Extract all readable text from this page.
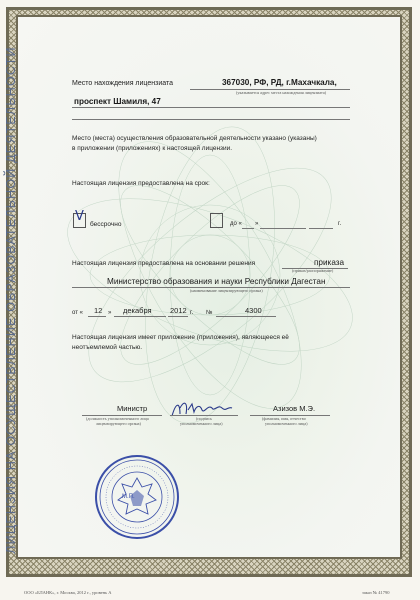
ЛИЦЕНЗИЯ НА ОСУЩЕСТВЛЕНИЕ ОБРАЗОВАТЕЛЬНОЙ ДЕЯТЕЛЬНОСТИ	Место нахождения лицензиата	367030, РФ, РД, г.Махачкала,
(указывается адрес места нахождения лицензиата)
проспект Шамиля, 47
Место (места) осуществления образовательной деятельности указано (указаны)
в приложении (приложениях) к настоящей лицензии.
Настоящая лицензия предоставлена на срок:
V
бессрочно	до « »	г.
Настоящая лицензия предоставлена на основании решения	приказа
(приказ/распоряжение)
Министерство образования и науки Республики Дагестан
(наименование лицензирующего органа)
от « 12 » декабря 2012 г. №	4300
Настоящая лицензия имеет приложение (приложения), являющееся её
неотъемлемой частью.
Министр
(должность уполномоченного лица
лицензирующего органа)
(подпись
уполномоченного лица)
Азизов М.Э.
(фамилия, имя, отчество
уполномоченного лица)
М.П.
ООО «БЛАНК», г. Москва, 2012 г., уровень А	заказ № 41790
